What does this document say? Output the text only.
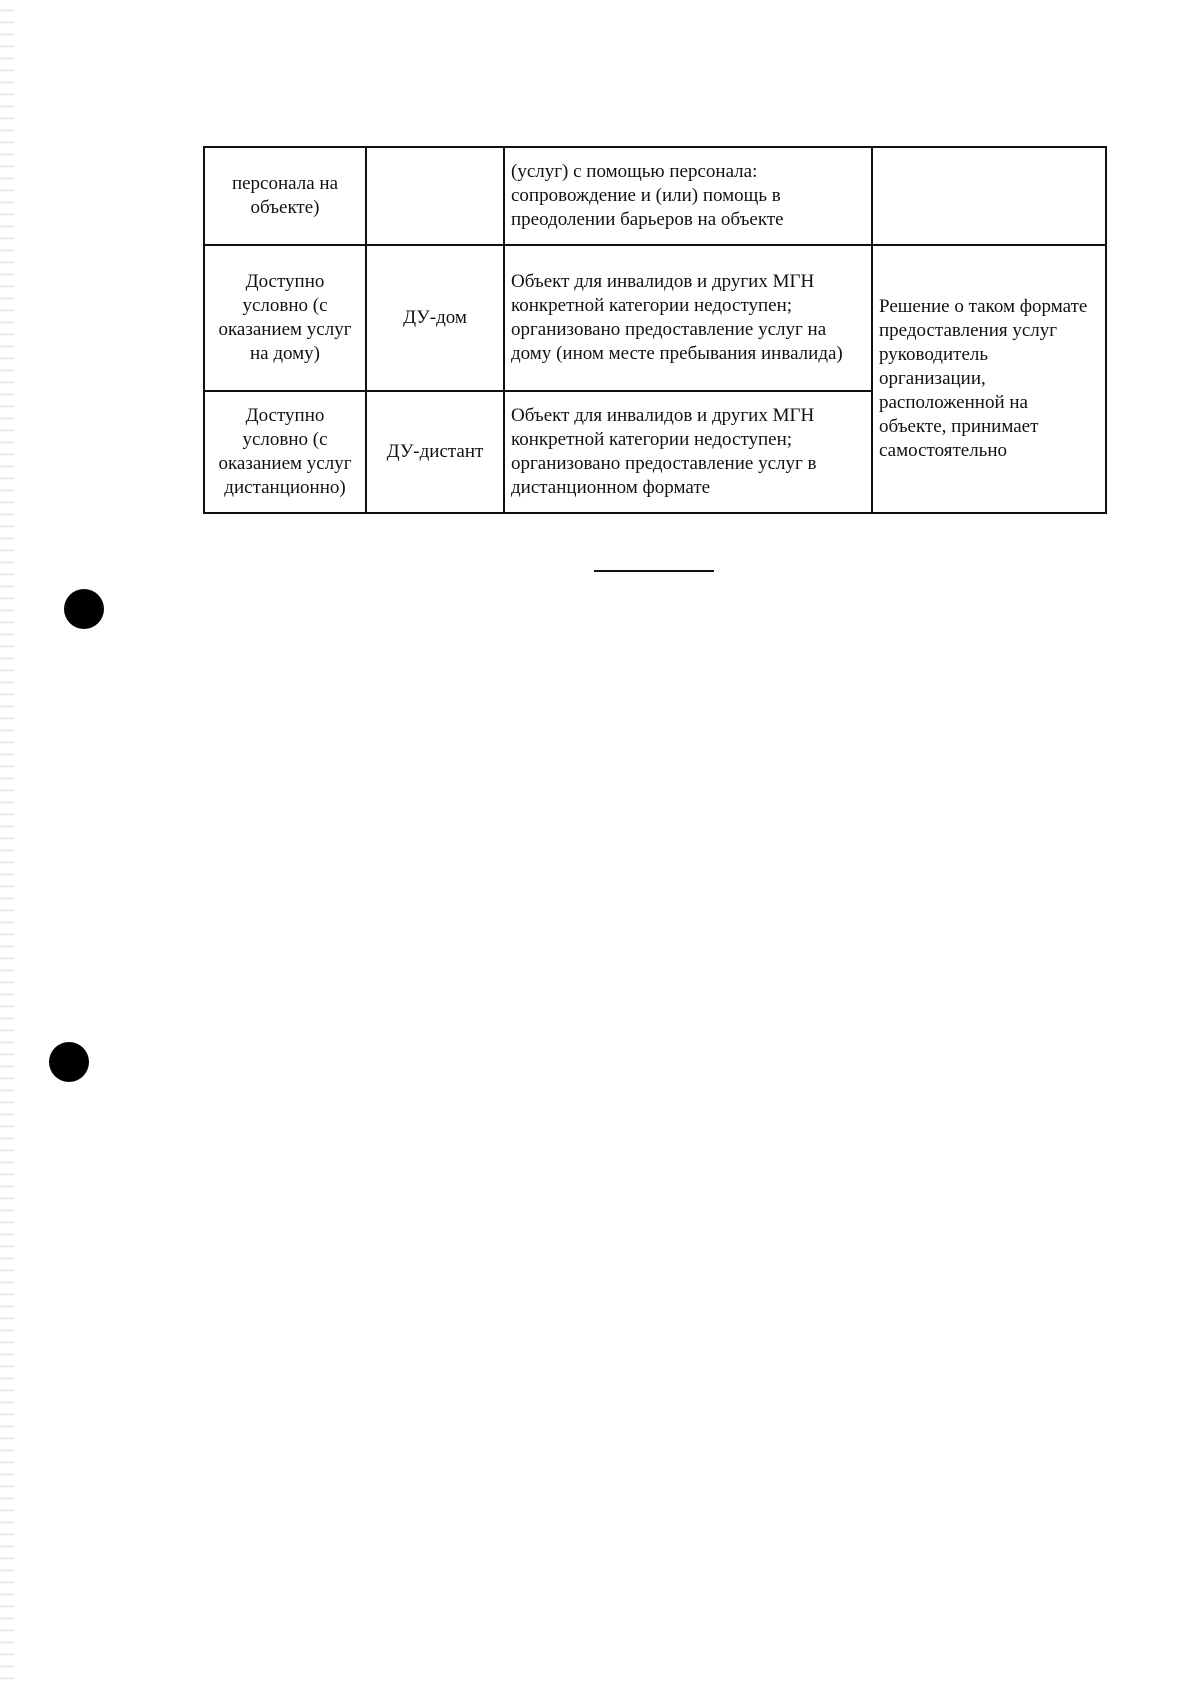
персонала на объекте)		(услуг) с помощью персонала: сопровождение и (или) помощь в преодолении барьеров на объекте	
Доступно условно (с оказанием услуг на дому)	ДУ-дом	Объект для инвалидов и других МГН конкретной категории недоступен; организовано предоставление услуг на дому (ином месте пребывания инвалида)	Решение о таком формате предоставления услуг руководитель организации, расположенной на объекте, принимает самостоятельно
Доступно условно (с оказанием услуг дистанционно)	ДУ-дистант	Объект для инвалидов и других МГН конкретной категории недоступен; организовано предоставление услуг в дистанционном формате	
